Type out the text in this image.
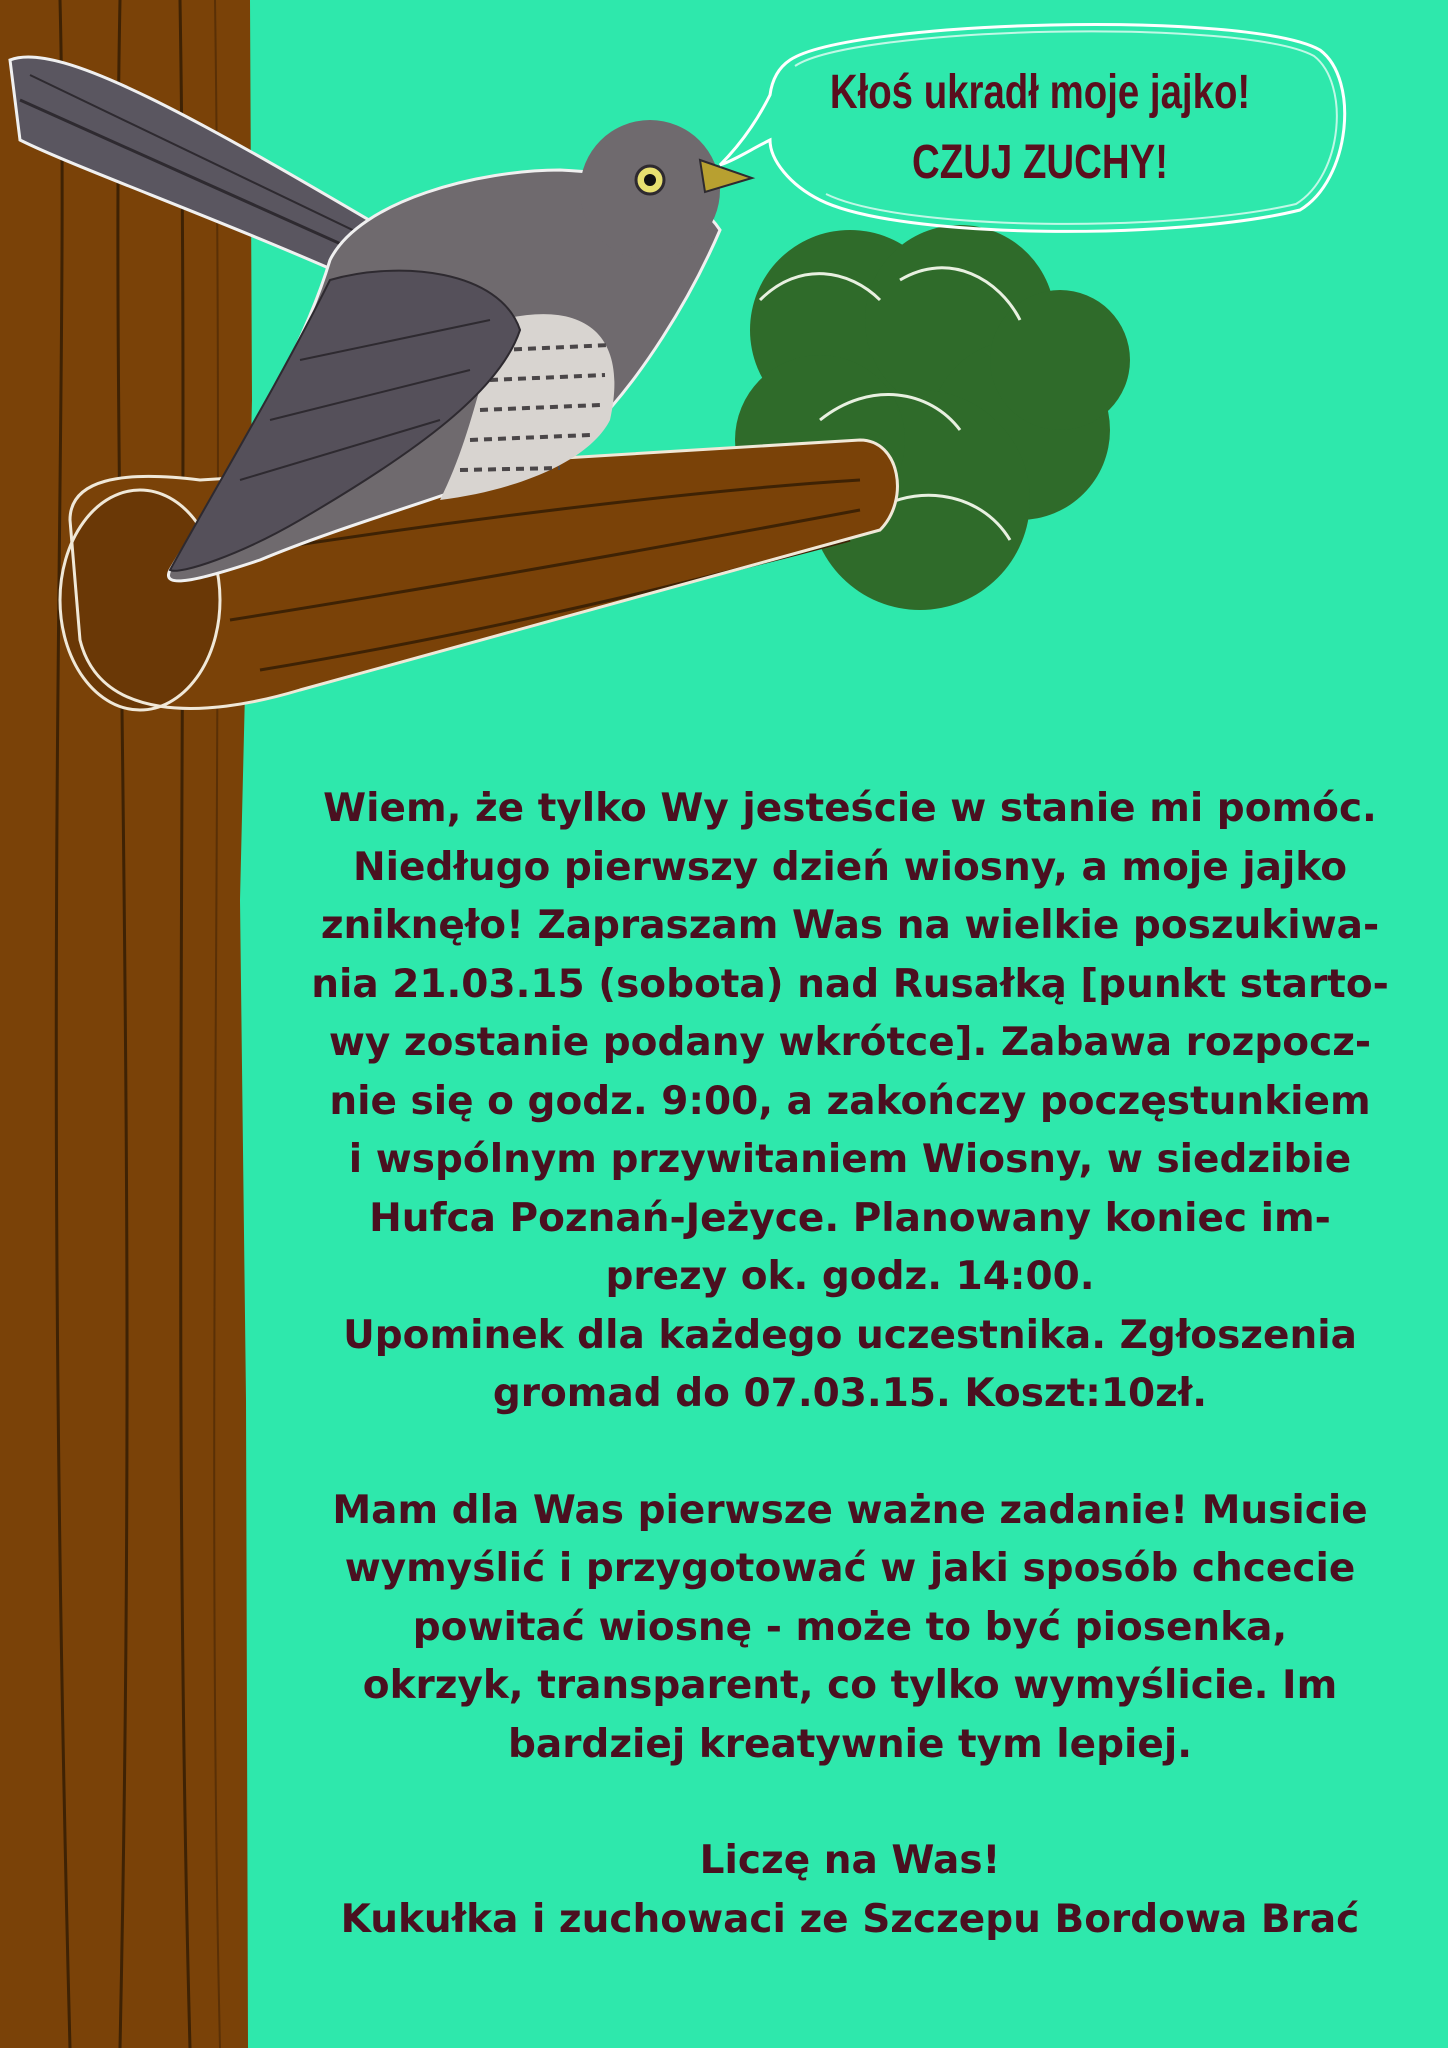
Kłoś ukradł moje jajko!
CZUJ ZUCHY!
Wiem, że tylko Wy jesteście w stanie mi pomóc.
Niedługo pierwszy dzień wiosny, a moje jajko
zniknęło! Zapraszam Was na wielkie poszukiwa-
nia 21.03.15 (sobota) nad Rusałką [punkt starto-
wy zostanie podany wkrótce]. Zabawa rozpocz-
nie się o godz. 9:00, a zakończy poczęstunkiem
i wspólnym przywitaniem Wiosny, w siedzibie
Hufca Poznań-Jeżyce. Planowany koniec im-
prezy ok. godz. 14:00.
Upominek dla każdego uczestnika. Zgłoszenia
gromad do 07.03.15. Koszt:10zł.
Mam dla Was pierwsze ważne zadanie! Musicie
wymyślić i przygotować w jaki sposób chcecie
powitać wiosnę - może to być piosenka,
okrzyk, transparent, co tylko wymyślicie. Im
bardziej kreatywnie tym lepiej.
Liczę na Was!
Kukułka i zuchowaci ze Szczepu Bordowa Brać
